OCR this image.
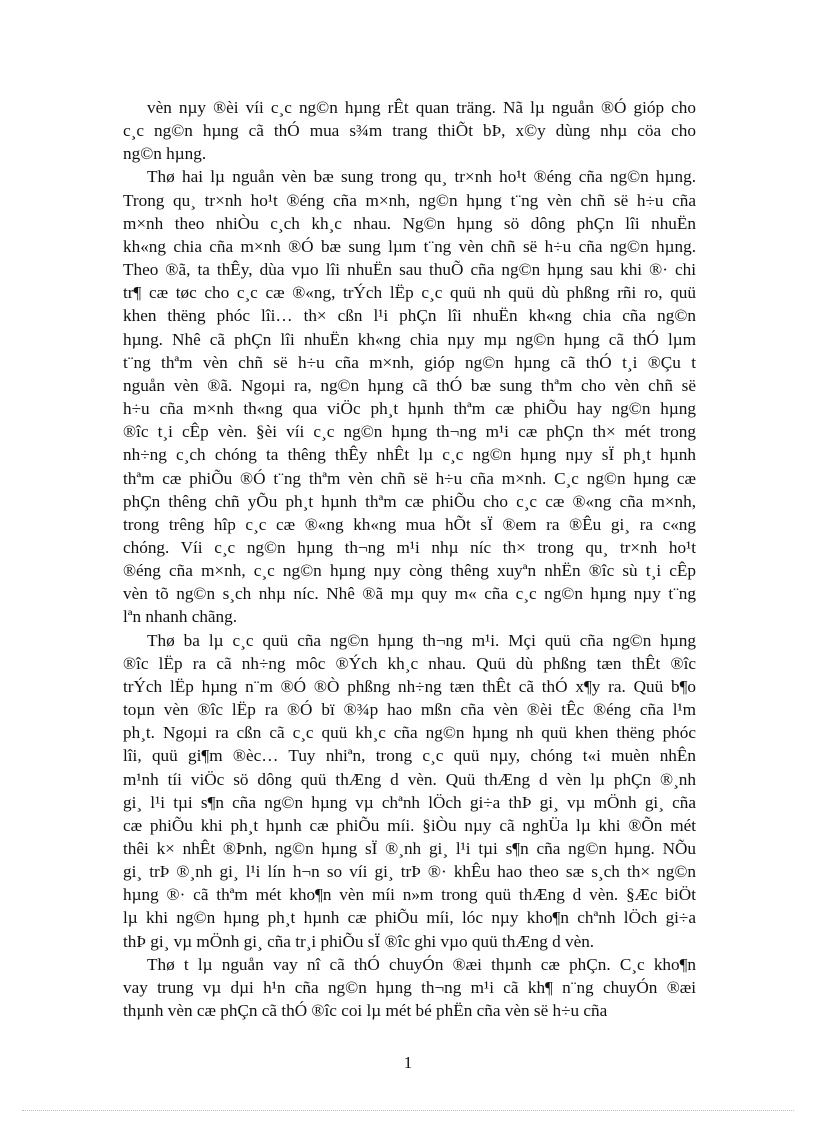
vèn nµy ®èi víi c¸c ng©n hµng rÊt quan träng. Nã lµ nguån ®Ó gióp cho
c¸c ng©n hµng cã thÓ mua s¾m trang thiÕt bÞ, x©y dùng nhµ cöa cho
ng©n hµng.
Thø hai lµ nguån vèn bæ sung trong qu¸ tr×nh ho¹t ®éng cña ng©n hµng.
Trong qu¸ tr×nh ho¹t ®éng cña m×nh, ng©n hµng t¨ng vèn chñ së h÷u cña
m×nh theo nhiÒu c¸ch kh¸c nhau. Ng©n hµng sö dông phÇn lîi nhuËn
kh«ng chia cña m×nh ®Ó bæ sung lµm t¨ng vèn chñ së h÷u cña ng©n hµng.
Theo ®ã, ta thÊy, dùa vµo lîi nhuËn sau thuÕ cña ng©n hµng sau khi ®· chi
tr¶ cæ tøc cho c¸c cæ ®«ng, trÝch lËp c¸c quü nh quü dù phßng rñi ro, quü
khen thëng phóc lîi… th× cßn l¹i phÇn lîi nhuËn kh«ng chia cña ng©n
hµng. Nhê cã phÇn lîi nhuËn kh«ng chia nµy mµ ng©n hµng cã thÓ lµm
t¨ng thªm vèn chñ së h÷u cña m×nh, gióp ng©n hµng cã thÓ t¸i ®Çu t
nguån vèn ®ã. Ngoµi ra, ng©n hµng cã thÓ bæ sung thªm cho vèn chñ së
h÷u cña m×nh th«ng qua viÖc ph¸t hµnh thªm cæ phiÕu hay ng©n hµng
®îc t¸i cÊp vèn. §èi víi c¸c ng©n hµng th¬ng m¹i cæ phÇn th× mét trong
nh÷ng c¸ch chóng ta thêng thÊy nhÊt lµ c¸c ng©n hµng nµy sÏ ph¸t hµnh
thªm cæ phiÕu ®Ó t¨ng thªm vèn chñ së h÷u cña m×nh. C¸c ng©n hµng cæ
phÇn thêng chñ yÕu ph¸t hµnh thªm cæ phiÕu cho c¸c cæ ®«ng cña m×nh,
trong trêng hîp c¸c cæ ®«ng kh«ng mua hÕt sÏ ®em ra ®Êu gi¸ ra c«ng
chóng. Víi c¸c ng©n hµng th¬ng m¹i nhµ níc th× trong qu¸ tr×nh ho¹t
®éng cña m×nh, c¸c ng©n hµng nµy còng thêng xuyªn nhËn ®îc sù t¸i cÊp
vèn tõ ng©n s¸ch nhµ níc. Nhê ®ã mµ quy m« cña c¸c ng©n hµng nµy t¨ng
lªn nhanh chãng.
Thø ba lµ c¸c quü cña ng©n hµng th¬ng m¹i. Mçi quü cña ng©n hµng
®îc lËp ra cã nh÷ng môc ®Ých kh¸c nhau. Quü dù phßng tæn thÊt ®îc
trÝch lËp hµng n¨m ®Ó ®Ò phßng nh÷ng tæn thÊt cã thÓ x¶y ra. Quü b¶o
toµn vèn ®îc lËp ra ®Ó bï ®¾p hao mßn cña vèn ®èi tÊc ®éng cña l¹m
ph¸t. Ngoµi ra cßn cã c¸c quü kh¸c cña ng©n hµng nh quü khen thëng phóc
lîi, quü gi¶m ®èc… Tuy nhiªn, trong c¸c quü nµy, chóng t«i muèn nhÊn
m¹nh tíi viÖc sö dông quü thÆng d vèn. Quü thÆng d vèn lµ phÇn ®¸nh
gi¸ l¹i tµi s¶n cña ng©n hµng vµ chªnh lÖch gi÷a thÞ gi¸ vµ mÖnh gi¸ cña
cæ phiÕu khi ph¸t hµnh cæ phiÕu míi. §iÒu nµy cã nghÜa lµ khi ®Õn mét
thêi k× nhÊt ®Þnh, ng©n hµng sÏ ®¸nh gi¸ l¹i tµi s¶n cña ng©n hµng. NÕu
gi¸ trÞ ®¸nh gi¸ l¹i lín h¬n so víi gi¸ trÞ ®· khÊu hao theo sæ s¸ch th× ng©n
hµng ®· cã thªm mét kho¶n vèn míi n»m trong quü thÆng d vèn. §Æc biÖt
lµ khi ng©n hµng ph¸t hµnh cæ phiÕu míi, lóc nµy kho¶n chªnh lÖch gi÷a
thÞ gi¸ vµ mÖnh gi¸ cña tr¸i phiÕu sÏ ®îc ghi vµo quü thÆng d vèn.
Thø t lµ nguån vay nî cã thÓ chuyÓn ®æi thµnh cæ phÇn. C¸c kho¶n
vay trung vµ dµi h¹n cña ng©n hµng th¬ng m¹i cã kh¶ n¨ng chuyÓn ®æi
thµnh vèn cæ phÇn cã thÓ ®îc coi lµ mét bé phËn cña vèn së h÷u cña
1
